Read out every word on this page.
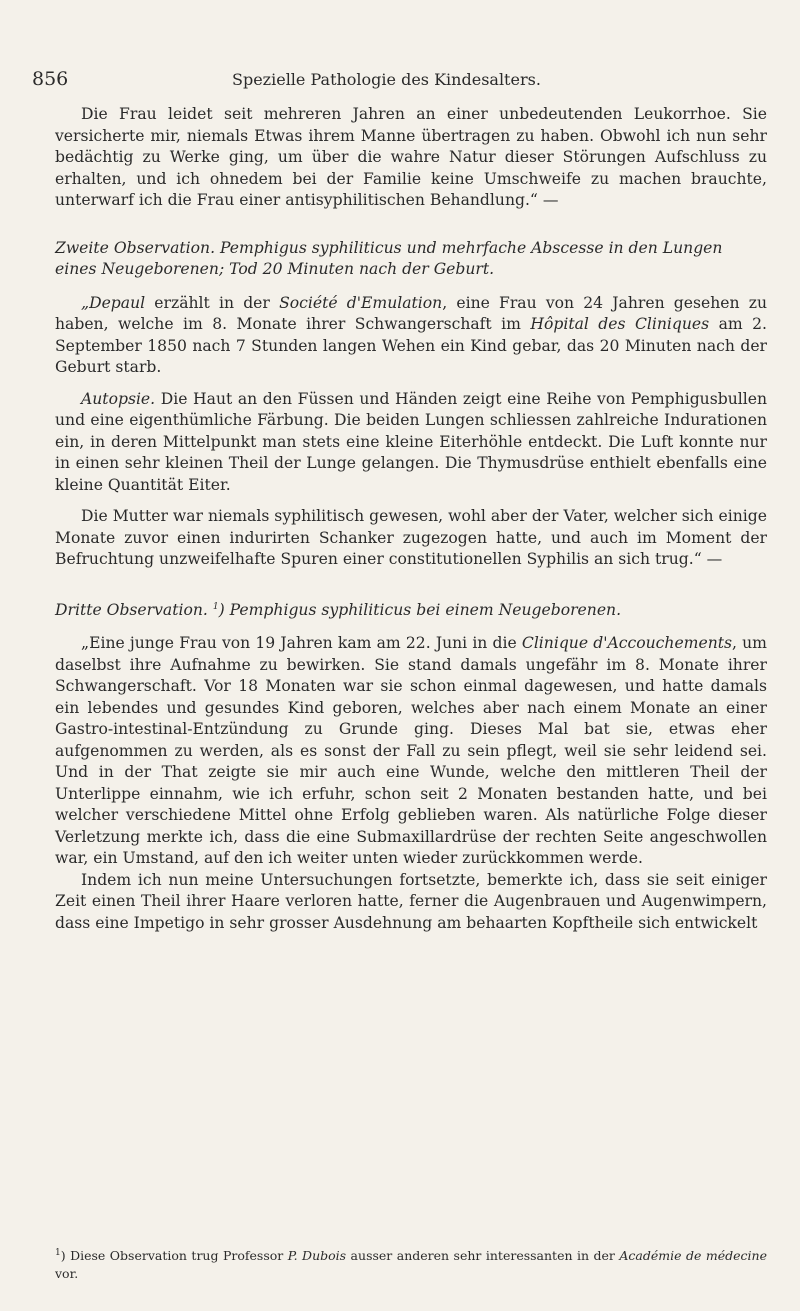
856	Spezielle Pathologie des Kindesalters.

Die Frau leidet seit mehreren Jahren an einer unbedeutenden Leukorrhoe. Sie versicherte mir, niemals Etwas ihrem Manne übertragen zu haben. Obwohl ich nun sehr bedächtig zu Werke ging, um über die wahre Natur dieser Störungen Aufschluss zu erhalten, und ich ohnedem bei der Familie keine Umschweife zu machen brauchte, unterwarf ich die Frau einer antisyphilitischen Behandlung.“ —

Zweite Observation. Pemphigus syphiliticus und mehrfache Abscesse in den Lungen eines Neugeborenen; Tod 20 Minuten nach der Geburt.

„Depaul erzählt in der Société d'Emulation, eine Frau von 24 Jahren gesehen zu haben, welche im 8. Monate ihrer Schwangerschaft im Hôpital des Cliniques am 2. September 1850 nach 7 Stunden langen Wehen ein Kind gebar, das 20 Minuten nach der Geburt starb.

Autopsie. Die Haut an den Füssen und Händen zeigt eine Reihe von Pemphigusbullen und eine eigenthümliche Färbung. Die beiden Lungen schliessen zahlreiche Indurationen ein, in deren Mittelpunkt man stets eine kleine Eiterhöhle entdeckt. Die Luft konnte nur in einen sehr kleinen Theil der Lunge gelangen. Die Thymusdrüse enthielt ebenfalls eine kleine Quantität Eiter.

Die Mutter war niemals syphilitisch gewesen, wohl aber der Vater, welcher sich einige Monate zuvor einen indurirten Schanker zugezogen hatte, und auch im Moment der Befruchtung unzweifelhafte Spuren einer constitutionellen Syphilis an sich trug.“ —

Dritte Observation. $^1$) Pemphigus syphiliticus bei einem Neugeborenen.

„Eine junge Frau von 19 Jahren kam am 22. Juni in die Clinique d'Accouchements, um daselbst ihre Aufnahme zu bewirken. Sie stand damals ungefähr im 8. Monate ihrer Schwangerschaft. Vor 18 Monaten war sie schon einmal dagewesen, und hatte damals ein lebendes und gesundes Kind geboren, welches aber nach einem Monate an einer Gastro-intestinal-Entzündung zu Grunde ging. Dieses Mal bat sie, etwas eher aufgenommen zu werden, als es sonst der Fall zu sein pflegt, weil sie sehr leidend sei. Und in der That zeigte sie mir auch eine Wunde, welche den mittleren Theil der Unterlippe einnahm, wie ich erfuhr, schon seit 2 Monaten bestanden hatte, und bei welcher verschiedene Mittel ohne Erfolg geblieben waren. Als natürliche Folge dieser Verletzung merkte ich, dass die eine Submaxillardrüse der rechten Seite angeschwollen war, ein Umstand, auf den ich weiter unten wieder zurückkommen werde.

Indem ich nun meine Untersuchungen fortsetzte, bemerkte ich, dass sie seit einiger Zeit einen Theil ihrer Haare verloren hatte, ferner die Augenbrauen und Augenwimpern, dass eine Impetigo in sehr grosser Ausdehnung am behaarten Kopftheile sich entwickelt

$^1$) Diese Observation trug Professor P. Dubois ausser anderen sehr interessanten in der Académie de médecine vor.
